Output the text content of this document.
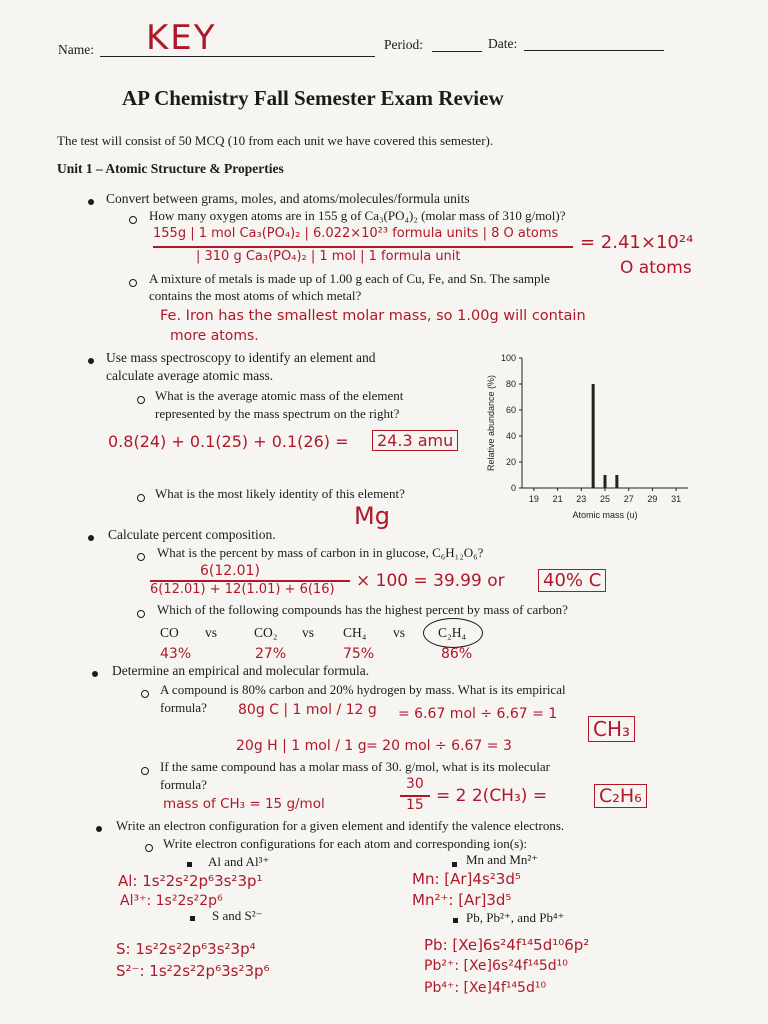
Name: KEY	Period:	Date:
AP Chemistry Fall Semester Exam Review
The test will consist of 50 MCQ (10 from each unit we have covered this semester).
Unit 1 – Atomic Structure & Properties
Convert between grams, moles, and atoms/molecules/formula units
How many oxygen atoms are in 155 g of Ca₃(PO₄)₂ (molar mass of 310 g/mol)?
155g | 1 mol Ca₃(PO₄)₂ | 6.022×10²³ formula units | 8 O atoms
| 310 g Ca₃(PO₄)₂ | 1 mol | 1 formula unit
= 2.41×10²⁴
O atoms
A mixture of metals is made up of 1.00 g each of Cu, Fe, and Sn. The sample
contains the most atoms of which metal?
Fe. Iron has the smallest molar mass, so 1.00g will contain
more atoms.
Use mass spectroscopy to identify an element and
calculate average atomic mass.
What is the average atomic mass of the element
represented by the mass spectrum on the right?
0.8(24) + 0.1(25) + 0.1(26) =	24.3 amu
What is the most likely identity of this element?
Mg
0
20
40
60
80
100
19 21 23 25 27 29 31
Atomic mass (u)
Relative abundance (%)
Calculate percent composition.
What is the percent by mass of carbon in in glucose, C₆H₁₂O₆?
6(12.01)
6(12.01) + 12(1.01) + 6(16) × 100 = 39.99 or 40% C
Which of the following compounds has the highest percent by mass of carbon?
CO vs	CO₂ vs CH₄ vs C₂H₄
43%	27%	75%	86%
Determine an empirical and molecular formula.
A compound is 80% carbon and 20% hydrogen by mass. What is its empirical
formula? 80g C | 1 mol / 12 g = 6.67 mol ÷ 6.67 = 1
20g H | 1 mol / 1 g = 20 mol ÷ 6.67 = 3
CH₃
If the same compound has a molar mass of 30. g/mol, what is its molecular
formula?
mass of CH₃ = 15 g/mol
30
15 = 2 2(CH₃) =	C₂H₆
Write an electron configuration for a given element and identify the valence electrons.
Write electron configurations for each atom and corresponding ion(s):
Al and Al³⁺	Mn and Mn²⁺
Al: 1s²2s²2p⁶3s²3p¹
Al³⁺: 1s²2s²2p⁶
Mn: [Ar]4s²3d⁵
Mn²⁺: [Ar]3d⁵
S and S²⁻	Pb, Pb²⁺, and Pb⁴⁺
S: 1s²2s²2p⁶3s²3p⁴
S²⁻: 1s²2s²2p⁶3s²3p⁶
Pb: [Xe]6s²4f¹⁴5d¹⁰6p²
Pb²⁺: [Xe]6s²4f¹⁴5d¹⁰
Pb⁴⁺: [Xe]4f¹⁴5d¹⁰
